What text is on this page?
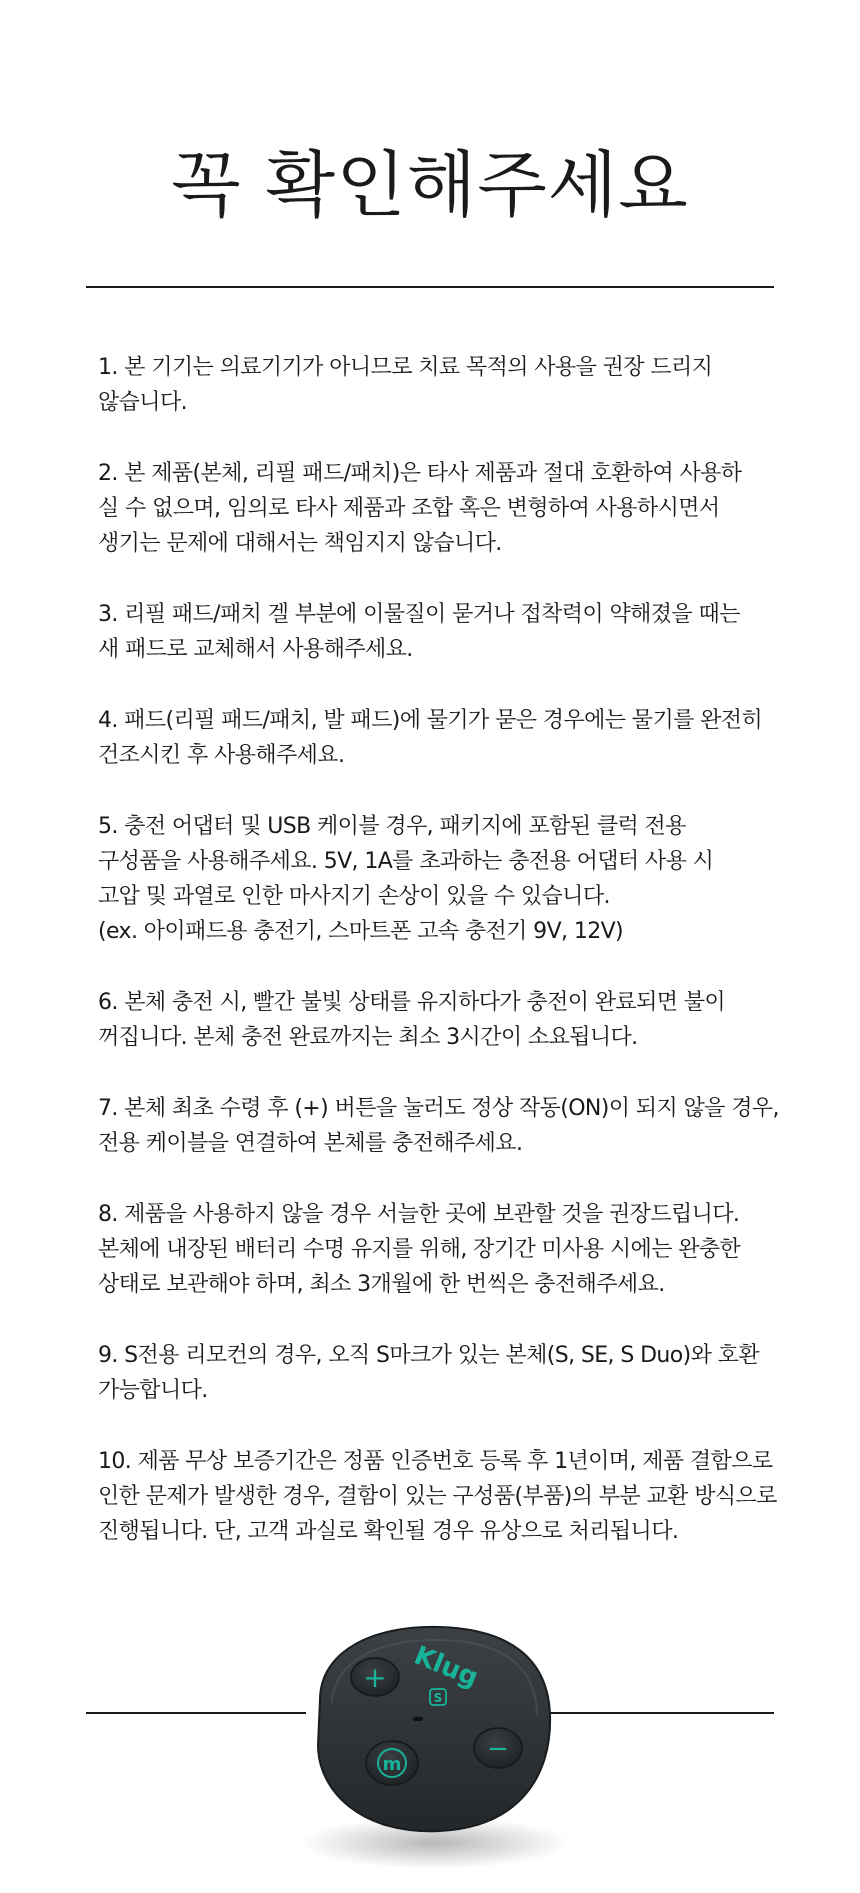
꼭 확인해주세요
1. 본 기기는 의료기기가 아니므로 치료 목적의 사용을 권장 드리지
않습니다.
2. 본 제품(본체, 리필 패드/패치)은 타사 제품과 절대 호환하여 사용하
실 수 없으며, 임의로 타사 제품과 조합 혹은 변형하여 사용하시면서
생기는 문제에 대해서는 책임지지 않습니다.
3. 리필 패드/패치 겔 부분에 이물질이 묻거나 접착력이 약해졌을 때는
새 패드로 교체해서 사용해주세요.
4. 패드(리필 패드/패치, 발 패드)에 물기가 묻은 경우에는 물기를 완전히
건조시킨 후 사용해주세요.
5. 충전 어댑터 및 USB 케이블 경우, 패키지에 포함된 클럭 전용
구성품을 사용해주세요. 5V, 1A를 초과하는 충전용 어댑터 사용 시
고압 및 과열로 인한 마사지기 손상이 있을 수 있습니다.
(ex. 아이패드용 충전기, 스마트폰 고속 충전기 9V, 12V)
6. 본체 충전 시, 빨간 불빛 상태를 유지하다가 충전이 완료되면 불이
꺼집니다. 본체 충전 완료까지는 최소 3시간이 소요됩니다.
7. 본체 최초 수령 후 (+) 버튼을 눌러도 정상 작동(ON)이 되지 않을 경우,
전용 케이블을 연결하여 본체를 충전해주세요.
8. 제품을 사용하지 않을 경우 서늘한 곳에 보관할 것을 권장드립니다.
본체에 내장된 배터리 수명 유지를 위해, 장기간 미사용 시에는 완충한
상태로 보관해야 하며, 최소 3개월에 한 번씩은 충전해주세요.
9. S전용 리모컨의 경우, 오직 S마크가 있는 본체(S, SE, S Duo)와 호환
가능합니다.
10. 제품 무상 보증기간은 정품 인증번호 등록 후 1년이며, 제품 결함으로
인한 문제가 발생한 경우, 결함이 있는 구성품(부품)의 부분 교환 방식으로
진행됩니다. 단, 고객 과실로 확인될 경우 유상으로 처리됩니다.
Klug
S
+
m
−
